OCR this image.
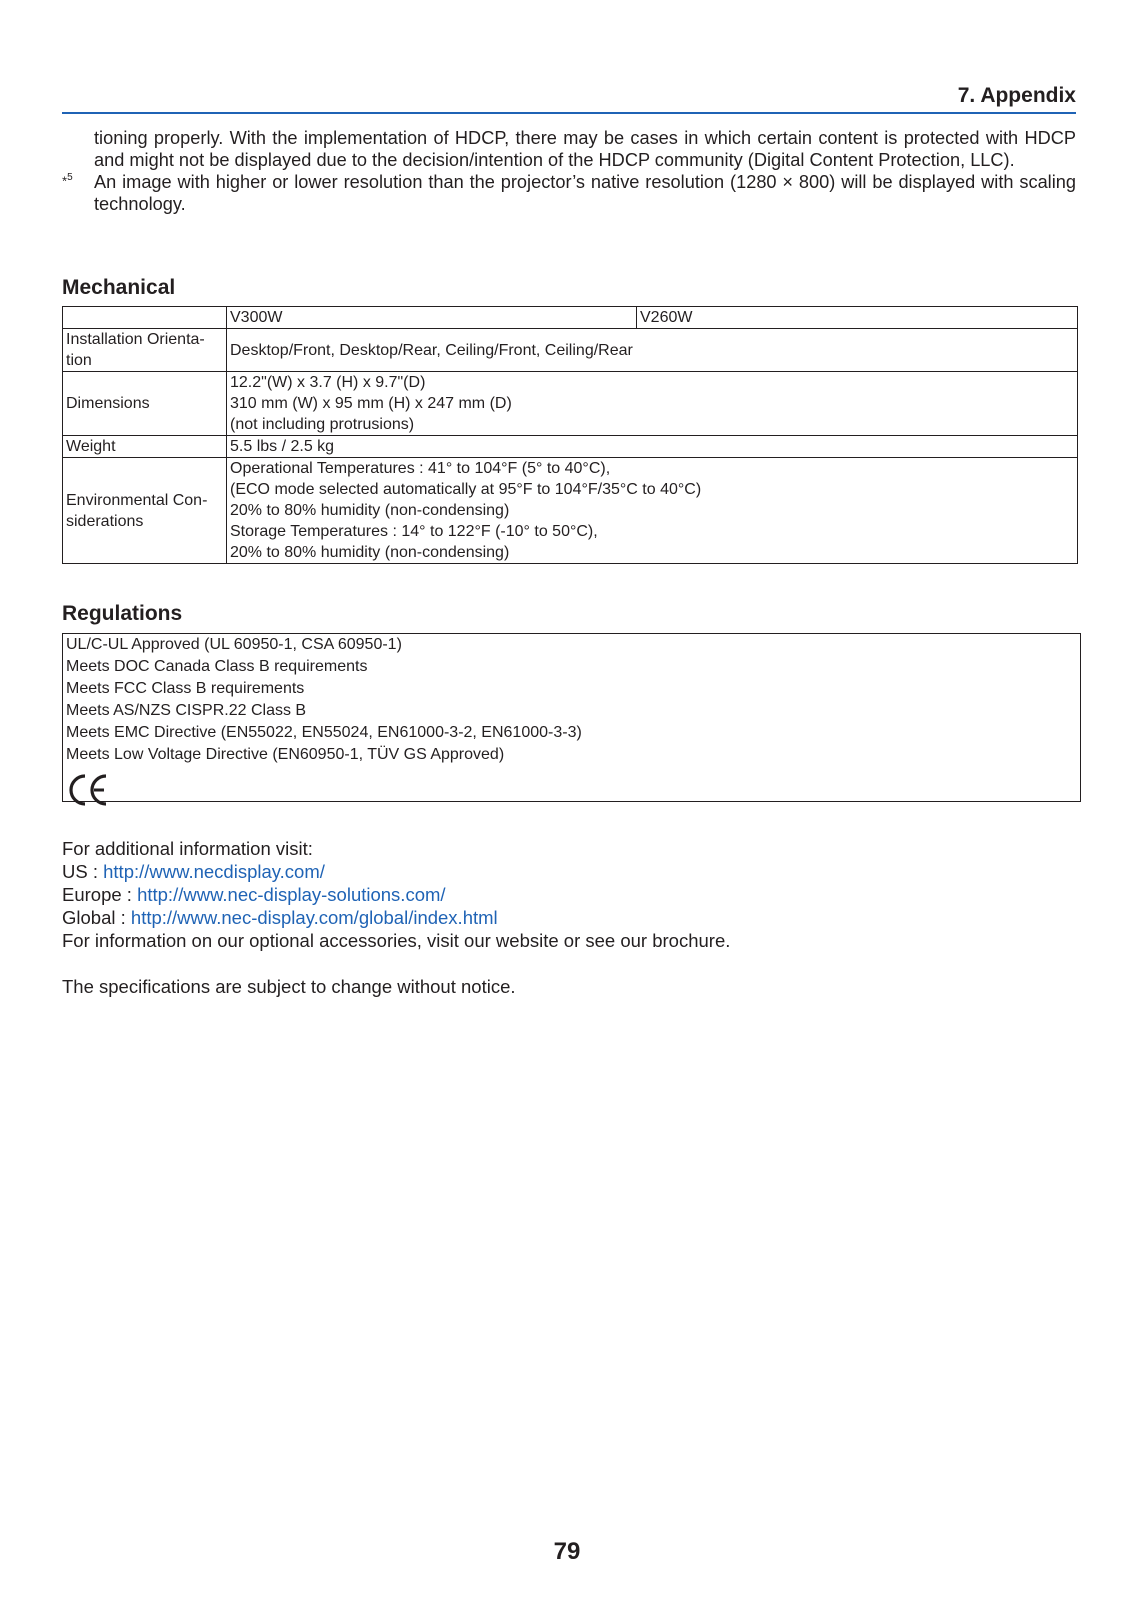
7. Appendix

tioning properly. With the implementation of HDCP, there may be cases in which certain content is protected with HDCP and might not be displayed due to the decision/intention of the HDCP community (Digital Content Protection, LLC).

*$^5$ An image with higher or lower resolution than the projector’s native resolution (1280 × 800) will be displayed with scaling technology.

Mechanical
	V300W	V260W
Installation Orienta- tion	Desktop/Front, Desktop/Rear, Ceiling/Front, Ceiling/Rear	

Dimensions	12.2"(W) x 3.7 (H) x 9.7"(D)
310 mm (W) x 95 mm (H) x 247 mm (D)
(not including protrusions)	

Weight	5.5 lbs / 2.5 kg	

Environmental Con- siderations	Operational Temperatures : 41° to 104°F (5° to 40°C),
(ECO mode selected automatically at 95°F to 104°F/35°C to 40°C)
20% to 80% humidity (non-condensing)
Storage Temperatures : 14° to 122°F (-10° to 50°C),
20% to 80% humidity (non-condensing)	
Regulations
UL/C-UL Approved (UL 60950-1, CSA 60950-1)
Meets DOC Canada Class B requirements
Meets FCC Class B requirements
Meets AS/NZS CISPR.22 Class B
Meets EMC Directive (EN55022, EN55024, EN61000-3-2, EN61000-3-3)
Meets Low Voltage Directive (EN60950-1, TÜV GS Approved)

For additional information visit:

US : http://www.necdisplay.com/

Europe : http://www.nec-display-solutions.com/

Global : http://www.nec-display.com/global/index.html

For information on our optional accessories, visit our website or see our brochure.

The specifications are subject to change without notice.

79
